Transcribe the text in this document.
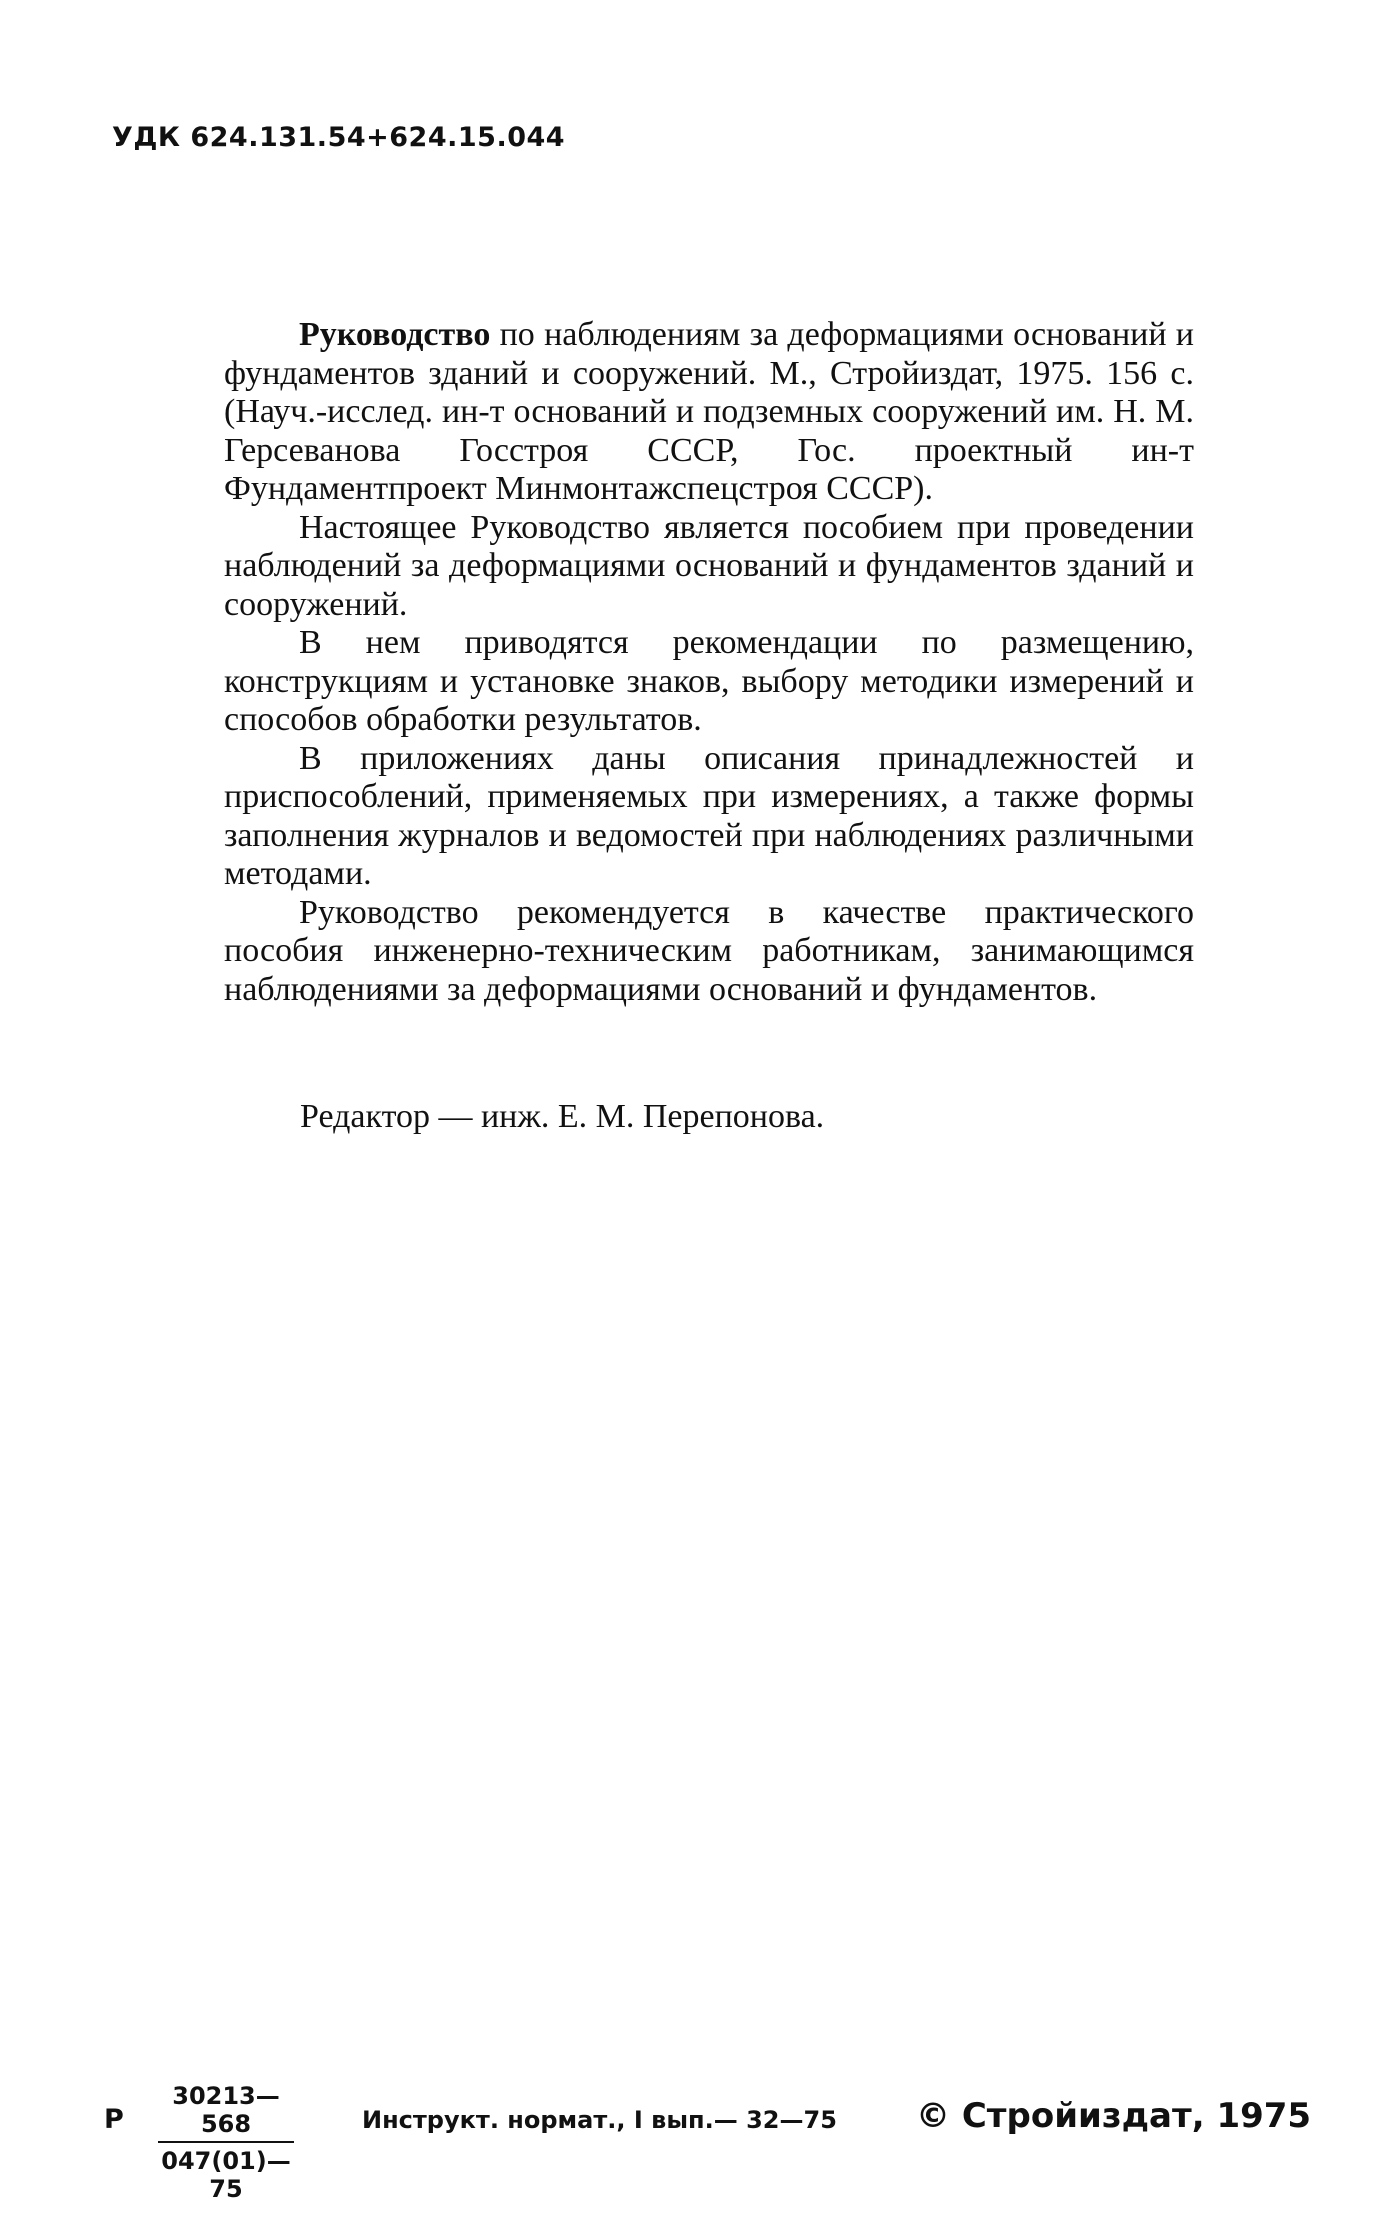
УДК 624.131.54+624.15.044

Руководство по наблюдениям за деформациями оснований и фундаментов зданий и сооружений. М., Стройиздат, 1975. 156 с. (Науч.-исслед. ин-т оснований и подземных сооружений им. Н. М. Герсеванова Госстроя СССР, Гос. проектный ин-т Фундаментпроект Минмонтажспецстроя СССР).

Настоящее Руководство является пособием при проведении наблюдений за деформациями оснований и фундаментов зданий и сооружений.

В нем приводятся рекомендации по размещению, конструкциям и установке знаков, выбору методики измерений и способов обработки результатов.

В приложениях даны описания принадлежностей и приспособлений, применяемых при измерениях, а также формы заполнения журналов и ведомостей при наблюдениях различными методами.

Руководство рекомендуется в качестве практического пособия инженерно-техническим работникам, занимающимся наблюдениями за деформациями оснований и фундаментов.

Редактор — инж. Е. М. Перепонова.
Р $\frac{30213—568}{047(01)—75}$	Инструкт. нормат., I вып.— 32—75 © Стройиздат, 1975
